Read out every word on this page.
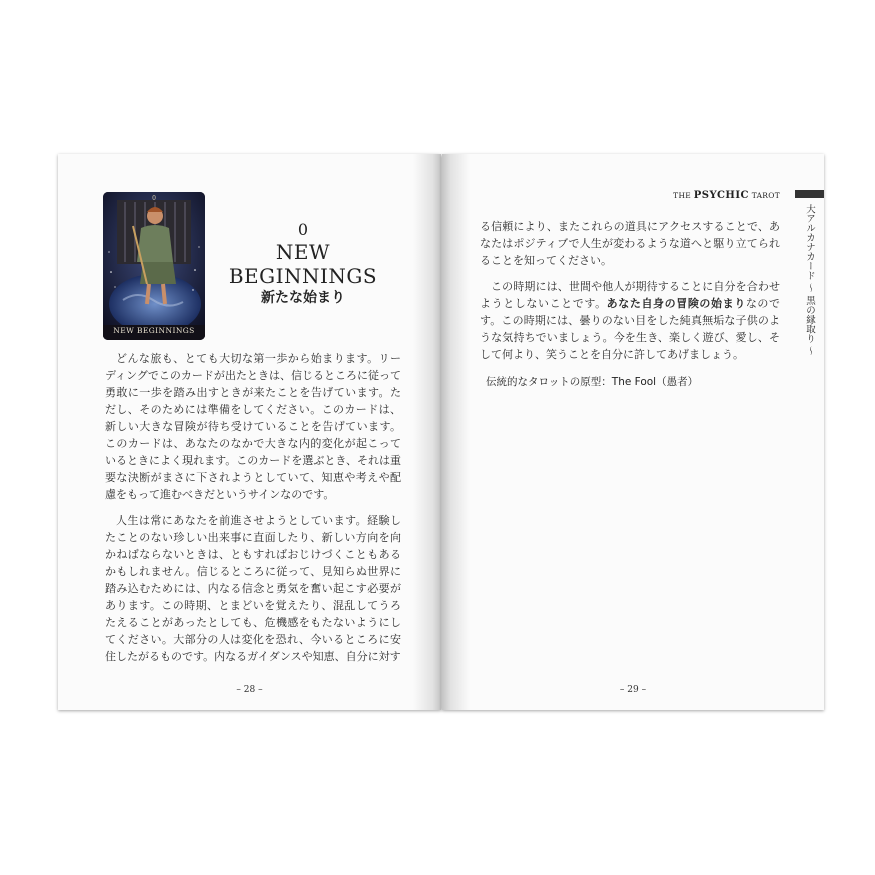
0
NEW BEGINNINGS
0
NEW BEGINNINGS
新たな始まり

どんな旅も、とても大切な第一歩から始まります。リーディングでこのカードが出たときは、信じるところに従って勇敢に一歩を踏み出すときが来たことを告げています。ただし、そのためには準備をしてください。このカードは、新しい大きな冒険が待ち受けていることを告げています。このカードは、あなたのなかで大きな内的変化が起こっているときによく現れます。このカードを選ぶとき、それは重要な決断がまさに下されようとしていて、知恵や考えや配慮をもって進むべきだというサインなのです。

人生は常にあなたを前進させようとしています。経験したことのない珍しい出来事に直面したり、新しい方向を向かねばならないときは、ともすればおじけづくこともあるかもしれません。信じるところに従って、見知らぬ世界に踏み込むためには、内なる信念と勇気を奮い起こす必要があります。この時期、とまどいを覚えたり、混乱してうろたえることがあったとしても、危機感をもたないようにしてください。大部分の人は変化を恐れ、今いるところに安住したがるものです。内なるガイダンスや知恵、自分に対す

– 28 –
THE PSYCHIC TAROT
大アルカナカード ～ 黒の縁取り ～

る信頼により、またこれらの道具にアクセスすることで、あなたはポジティブで人生が変わるような道へと駆り立てられることを知ってください。

この時期には、世間や他人が期待することに自分を合わせようとしないことです。あなた自身の冒険の始まりなのです。この時期には、曇りのない目をした純真無垢な子供のような気持ちでいましょう。今を生き、楽しく遊び、愛し、そして何より、笑うことを自分に許してあげましょう。

伝統的なタロットの原型：The Fool（愚者）
– 29 –
